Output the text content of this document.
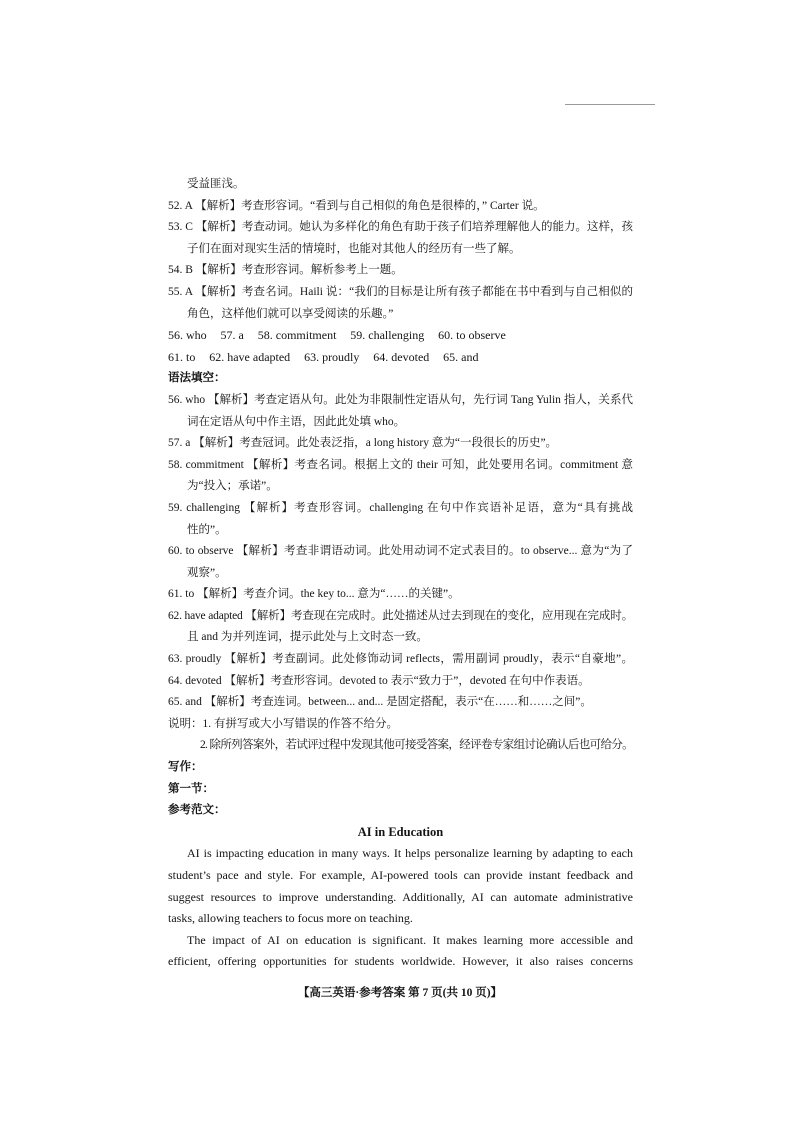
受益匪浅。
52. A 【解析】考查形容词。“看到与自己相似的角色是很棒的，” Carter 说。
53. C 【解析】考查动词。她认为多样化的角色有助于孩子们培养理解他人的能力。这样，孩
子们在面对现实生活的情境时，也能对其他人的经历有一些了解。
54. B 【解析】考查形容词。解析参考上一题。
55. A 【解析】考查名词。Haili 说：“我们的目标是让所有孩子都能在书中看到与自己相似的
角色，这样他们就可以享受阅读的乐趣。”
56. who 57. a 58. commitment 59. challenging 60. to observe
61. to 62. have adapted 63. proudly 64. devoted 65. and
语法填空：
56. who 【解析】考查定语从句。此处为非限制性定语从句，先行词 Tang Yulin 指人，关系代
词在定语从句中作主语，因此此处填 who。
57. a 【解析】考查冠词。此处表泛指，a long history 意为“一段很长的历史”。
58. commitment 【解析】考查名词。根据上文的 their 可知，此处要用名词。commitment 意
为“投入；承诺”。
59. challenging 【解析】考查形容词。challenging 在句中作宾语补足语，意为“具有挑战
性的”。
60. to observe 【解析】考查非谓语动词。此处用动词不定式表目的。to observe... 意为“为了
观察”。
61. to 【解析】考查介词。the key to... 意为“……的关键”。
62. have adapted 【解析】考查现在完成时。此处描述从过去到现在的变化，应用现在完成时。
且 and 为并列连词，提示此处与上文时态一致。
63. proudly 【解析】考查副词。此处修饰动词 reflects，需用副词 proudly，表示“自豪地”。
64. devoted 【解析】考查形容词。devoted to 表示“致力于”，devoted 在句中作表语。
65. and 【解析】考查连词。between... and... 是固定搭配，表示“在……和……之间”。
说明：1. 有拼写或大小写错误的作答不给分。
2. 除所列答案外，若试评过程中发现其他可接受答案，经评卷专家组讨论确认后也可给分。
写作：
第一节：
参考范文：
AI in Education
AI is impacting education in many ways. It helps personalize learning by adapting to each
student’s pace and style. For example, AI-powered tools can provide instant feedback and
suggest resources to improve understanding. Additionally, AI can automate administrative
tasks, allowing teachers to focus more on teaching.
The impact of AI on education is significant. It makes learning more accessible and
efficient, offering opportunities for students worldwide. However, it also raises concerns
【高三英语·参考答案 第 7 页(共 10 页)】
